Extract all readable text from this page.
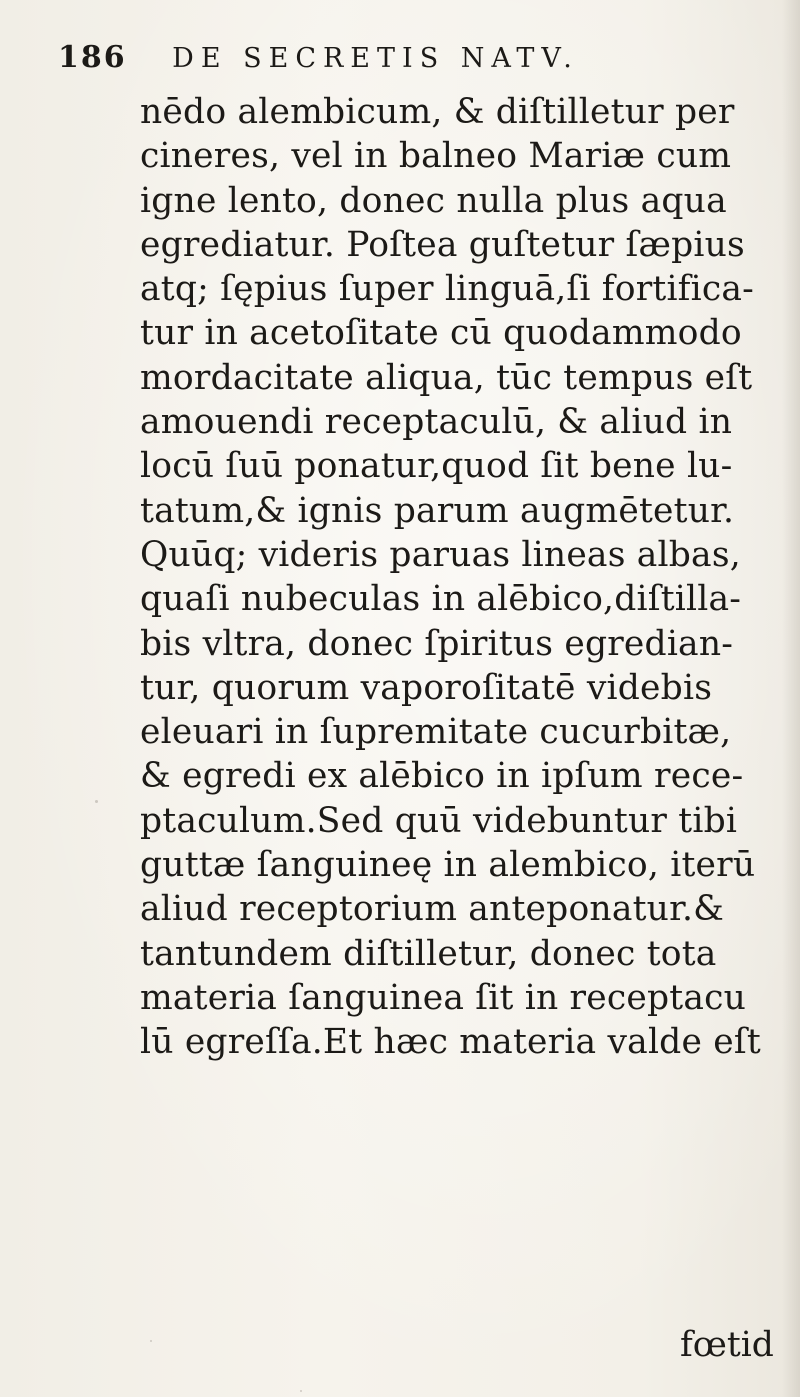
186 DE SECRETIS NATV.
nēdo alembicum, & diſtilletur per
cineres, vel in balneo Mariæ cum
igne lento, donec nulla plus aqua
egrediatur. Poſtea guſtetur ſæpius
atq; ſępius ſuper linguā,ſi fortifica-
tur in acetoſitate cū quodammodo
mordacitate aliqua, tūc tempus eſt
amouendi receptaculū, & aliud in
locū ſuū ponatur,quod ſit bene lu-
tatum,& ignis parum augmētetur.
Quūq; videris paruas lineas albas,
quaſi nubeculas in alēbico,diſtilla-
bis vltra, donec ſpiritus egredian-
tur, quorum vaporoſitatē videbis
eleuari in ſupremitate cucurbitæ,
& egredi ex alēbico in ipſum rece-
ptaculum.Sed quū videbuntur tibi
guttæ ſanguineę in alembico, iterū
aliud receptorium anteponatur.&
tantundem diſtilletur, donec tota
materia ſanguinea ſit in receptacu
lū egreſſa.Et hæc materia valde eſt
fœtid
